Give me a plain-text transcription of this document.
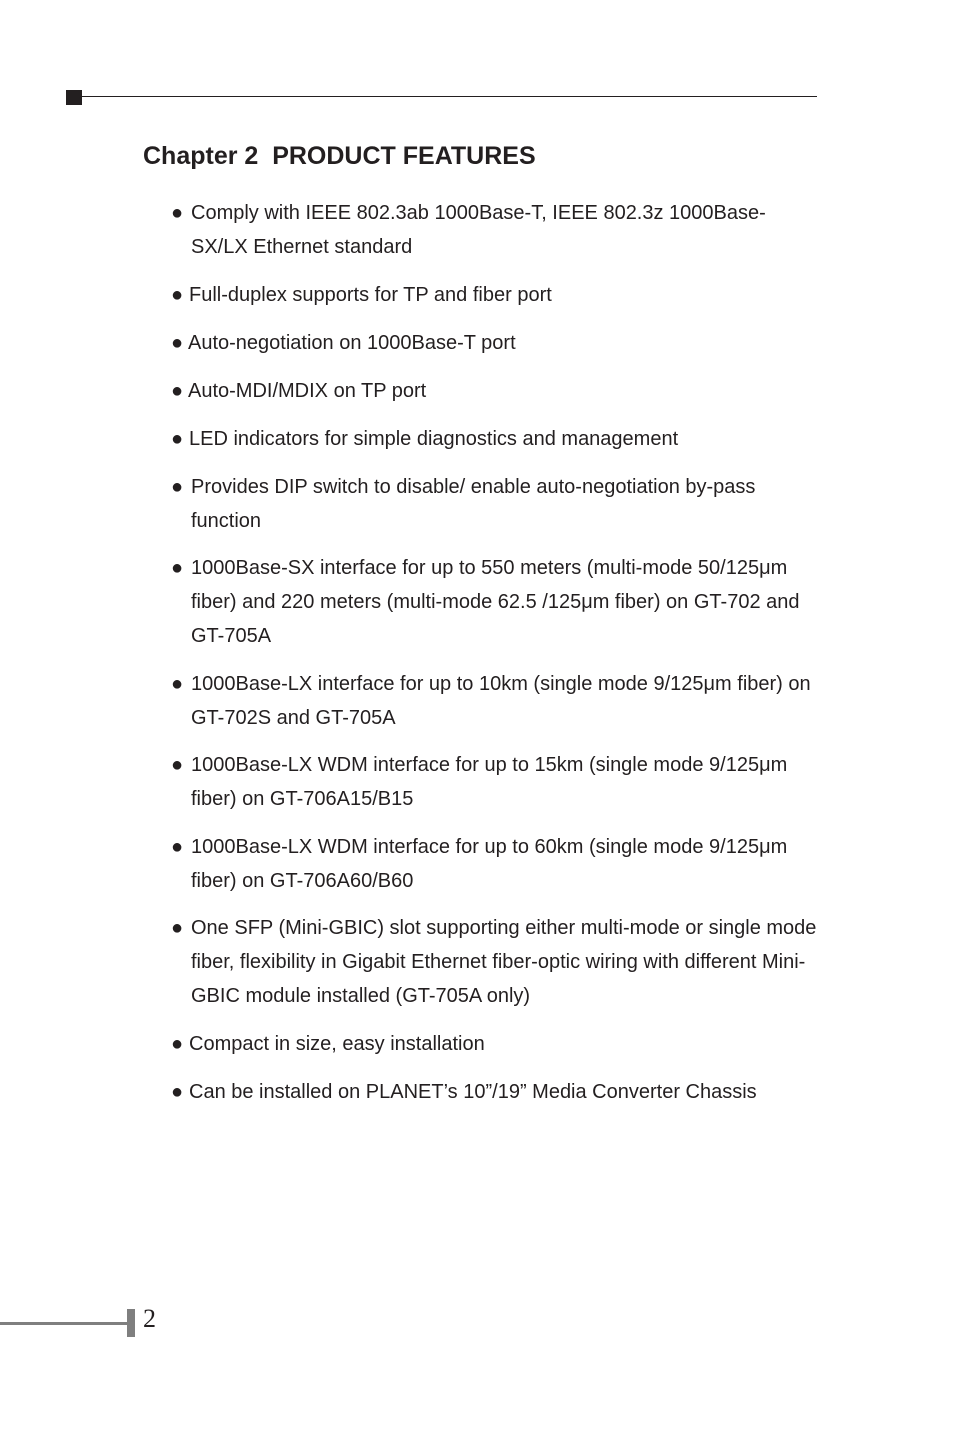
Chapter 2  PRODUCT FEATURES
● Comply with IEEE 802.3ab 1000Base-T, IEEE 802.3z 1000Base-SX/LX Ethernet standard
● Full-duplex supports for TP and fiber port
● Auto-negotiation on 1000Base-T port
● Auto-MDI/MDIX on TP port
● LED indicators for simple diagnostics and management
● Provides DIP switch to disable/ enable auto-negotiation by-pass function
● 1000Base-SX interface for up to 550 meters (multi-mode 50/125μm fiber) and 220 meters (multi-mode 62.5 /125μm fiber) on GT-702 and GT-705A
● 1000Base-LX interface for up to 10km (single mode 9/125μm fiber) on GT-702S and GT-705A
● 1000Base-LX WDM interface for up to 15km (single mode 9/125μm fiber) on GT-706A15/B15
● 1000Base-LX WDM interface for up to 60km (single mode 9/125μm fiber) on GT-706A60/B60
● One SFP (Mini-GBIC) slot supporting either multi-mode or single mode fiber, flexibility in Gigabit Ethernet fiber-optic wiring with different Mini-GBIC module installed (GT-705A only)
● Compact in size, easy installation
● Can be installed on PLANET’s 10”/19” Media Converter Chassis
2
